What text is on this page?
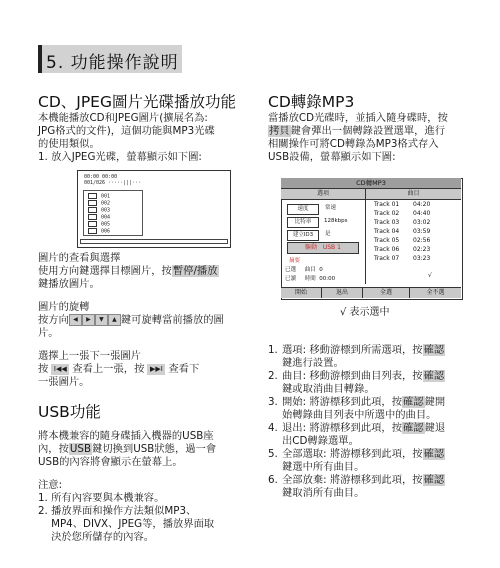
5. 功能操作說明
CD、JPEG圖片光碟播放功能

本機能播放CD和JPEG圖片(擴展名為:
JPG格式的文件)，這個功能與MP3光碟
的使用類似。
1. 放入JPEG光碟，螢幕顯示如下圖:

00:00 00:00
001/026 ·····|||···
001
002
003
004
005
006

圖片的查看與選擇
使用方向鍵選擇目標圖片，按暫停/播放
鍵播放圖片。

圖片的旋轉
按方向 ◀ ▶ ▼ ▲ 鍵可旋轉當前播放的圖
片。

選擇上一張下一張圖片
按 I◀◀ 查看上一張，按 ▶▶I 查看下
一張圖片。

USB功能

將本機兼容的隨身碟插入機器的USB座
內，按USB鍵切換到USB狀態，過一會
USB的內容將會顯示在螢幕上。

注意:
1. 所有內容要與本機兼容。
2. 播放界面和操作方法類似MP3、
MP4、DIVX、JPEG等，播放界面取
決於您所儲存的內容。

CD轉錄MP3

當播放CD光碟時，並插入隨身碟時，按
拷貝鍵會彈出一個轉錄設置選單，進行
相關操作可將CD轉錄為MP3格式存入
USB設備，螢幕顯示如下圖:

CD轉MP3
選項	曲目
速度	常速
比特率	128kbps
建立ID3	是
驅動 USB 1
摘要
已選 曲目 0
已讀 時間 00:00
Track 01 04:20
Track 02 04:40
Track 03 03:02
Track 04 03:59
Track 05 02:56
Track 06 02:23
Track 07 03:23
√
開始	退出	全選	全不選
√ 表示選中
1. 選項: 移動游標到所需選項，按確認
鍵進行設置。
2. 曲目: 移動游標到曲目列表，按確認
鍵或取消曲目轉錄。
3. 開始: 將游標移到此項，按確認鍵開
始轉錄曲目列表中所選中的曲目。
4. 退出: 將游標移到此項，按確認鍵退
出CD轉錄選單。
5. 全部選取: 將游標移到此項，按確認
鍵選中所有曲目。
6. 全部放棄: 將游標移到此項，按確認
鍵取消所有曲目。
